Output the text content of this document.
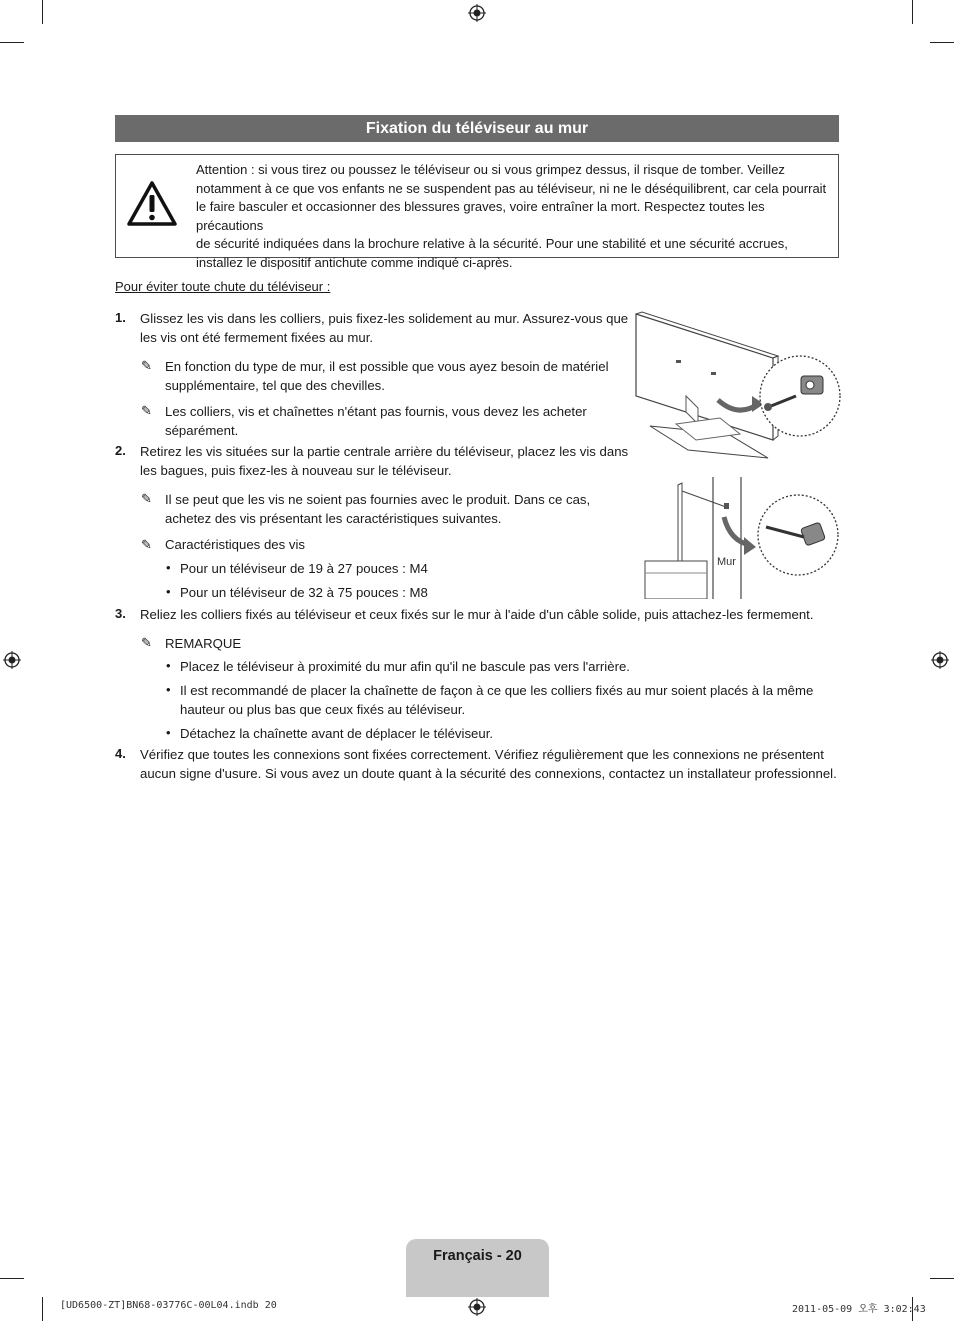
Fixation du téléviseur au mur
Attention : si vous tirez ou poussez le téléviseur ou si vous grimpez dessus, il risque de tomber. Veillez
notamment à ce que vos enfants ne se suspendent pas au téléviseur, ni ne le déséquilibrent, car cela pourrait
le faire basculer et occasionner des blessures graves, voire entraîner la mort. Respectez toutes les précautions
de sécurité indiquées dans la brochure relative à la sécurité. Pour une stabilité et une sécurité accrues,
installez le dispositif antichute comme indiqué ci-après.
Pour éviter toute chute du téléviseur :
1. Glissez les vis dans les colliers, puis fixez-les solidement au mur. Assurez-vous que
les vis ont été fermement fixées au mur.
✎ En fonction du type de mur, il est possible que vous ayez besoin de matériel
supplémentaire, tel que des chevilles.
✎ Les colliers, vis et chaînettes n'étant pas fournis, vous devez les acheter
séparément.
2. Retirez les vis situées sur la partie centrale arrière du téléviseur, placez les vis dans
les bagues, puis fixez-les à nouveau sur le téléviseur.
✎ Il se peut que les vis ne soient pas fournies avec le produit. Dans ce cas,
achetez des vis présentant les caractéristiques suivantes.
✎ Caractéristiques des vis
• Pour un téléviseur de 19 à 27 pouces : M4
• Pour un téléviseur de 32 à 75 pouces : M8
3. Reliez les colliers fixés au téléviseur et ceux fixés sur le mur à l'aide d'un câble solide, puis attachez-les fermement.
✎ REMARQUE
• Placez le téléviseur à proximité du mur afin qu'il ne bascule pas vers l'arrière.
• Il est recommandé de placer la chaînette de façon à ce que les colliers fixés au mur soient placés à la même
hauteur ou plus bas que ceux fixés au téléviseur.
• Détachez la chaînette avant de déplacer le téléviseur.
4. Vérifiez que toutes les connexions sont fixées correctement. Vérifiez régulièrement que les connexions ne présentent
aucun signe d'usure. Si vous avez un doute quant à la sécurité des connexions, contactez un installateur professionnel.
Mur
Français - 20
[UD6500-ZT]BN68-03776C-00L04.indb 20	2011-05-09 오후 3:02:43
